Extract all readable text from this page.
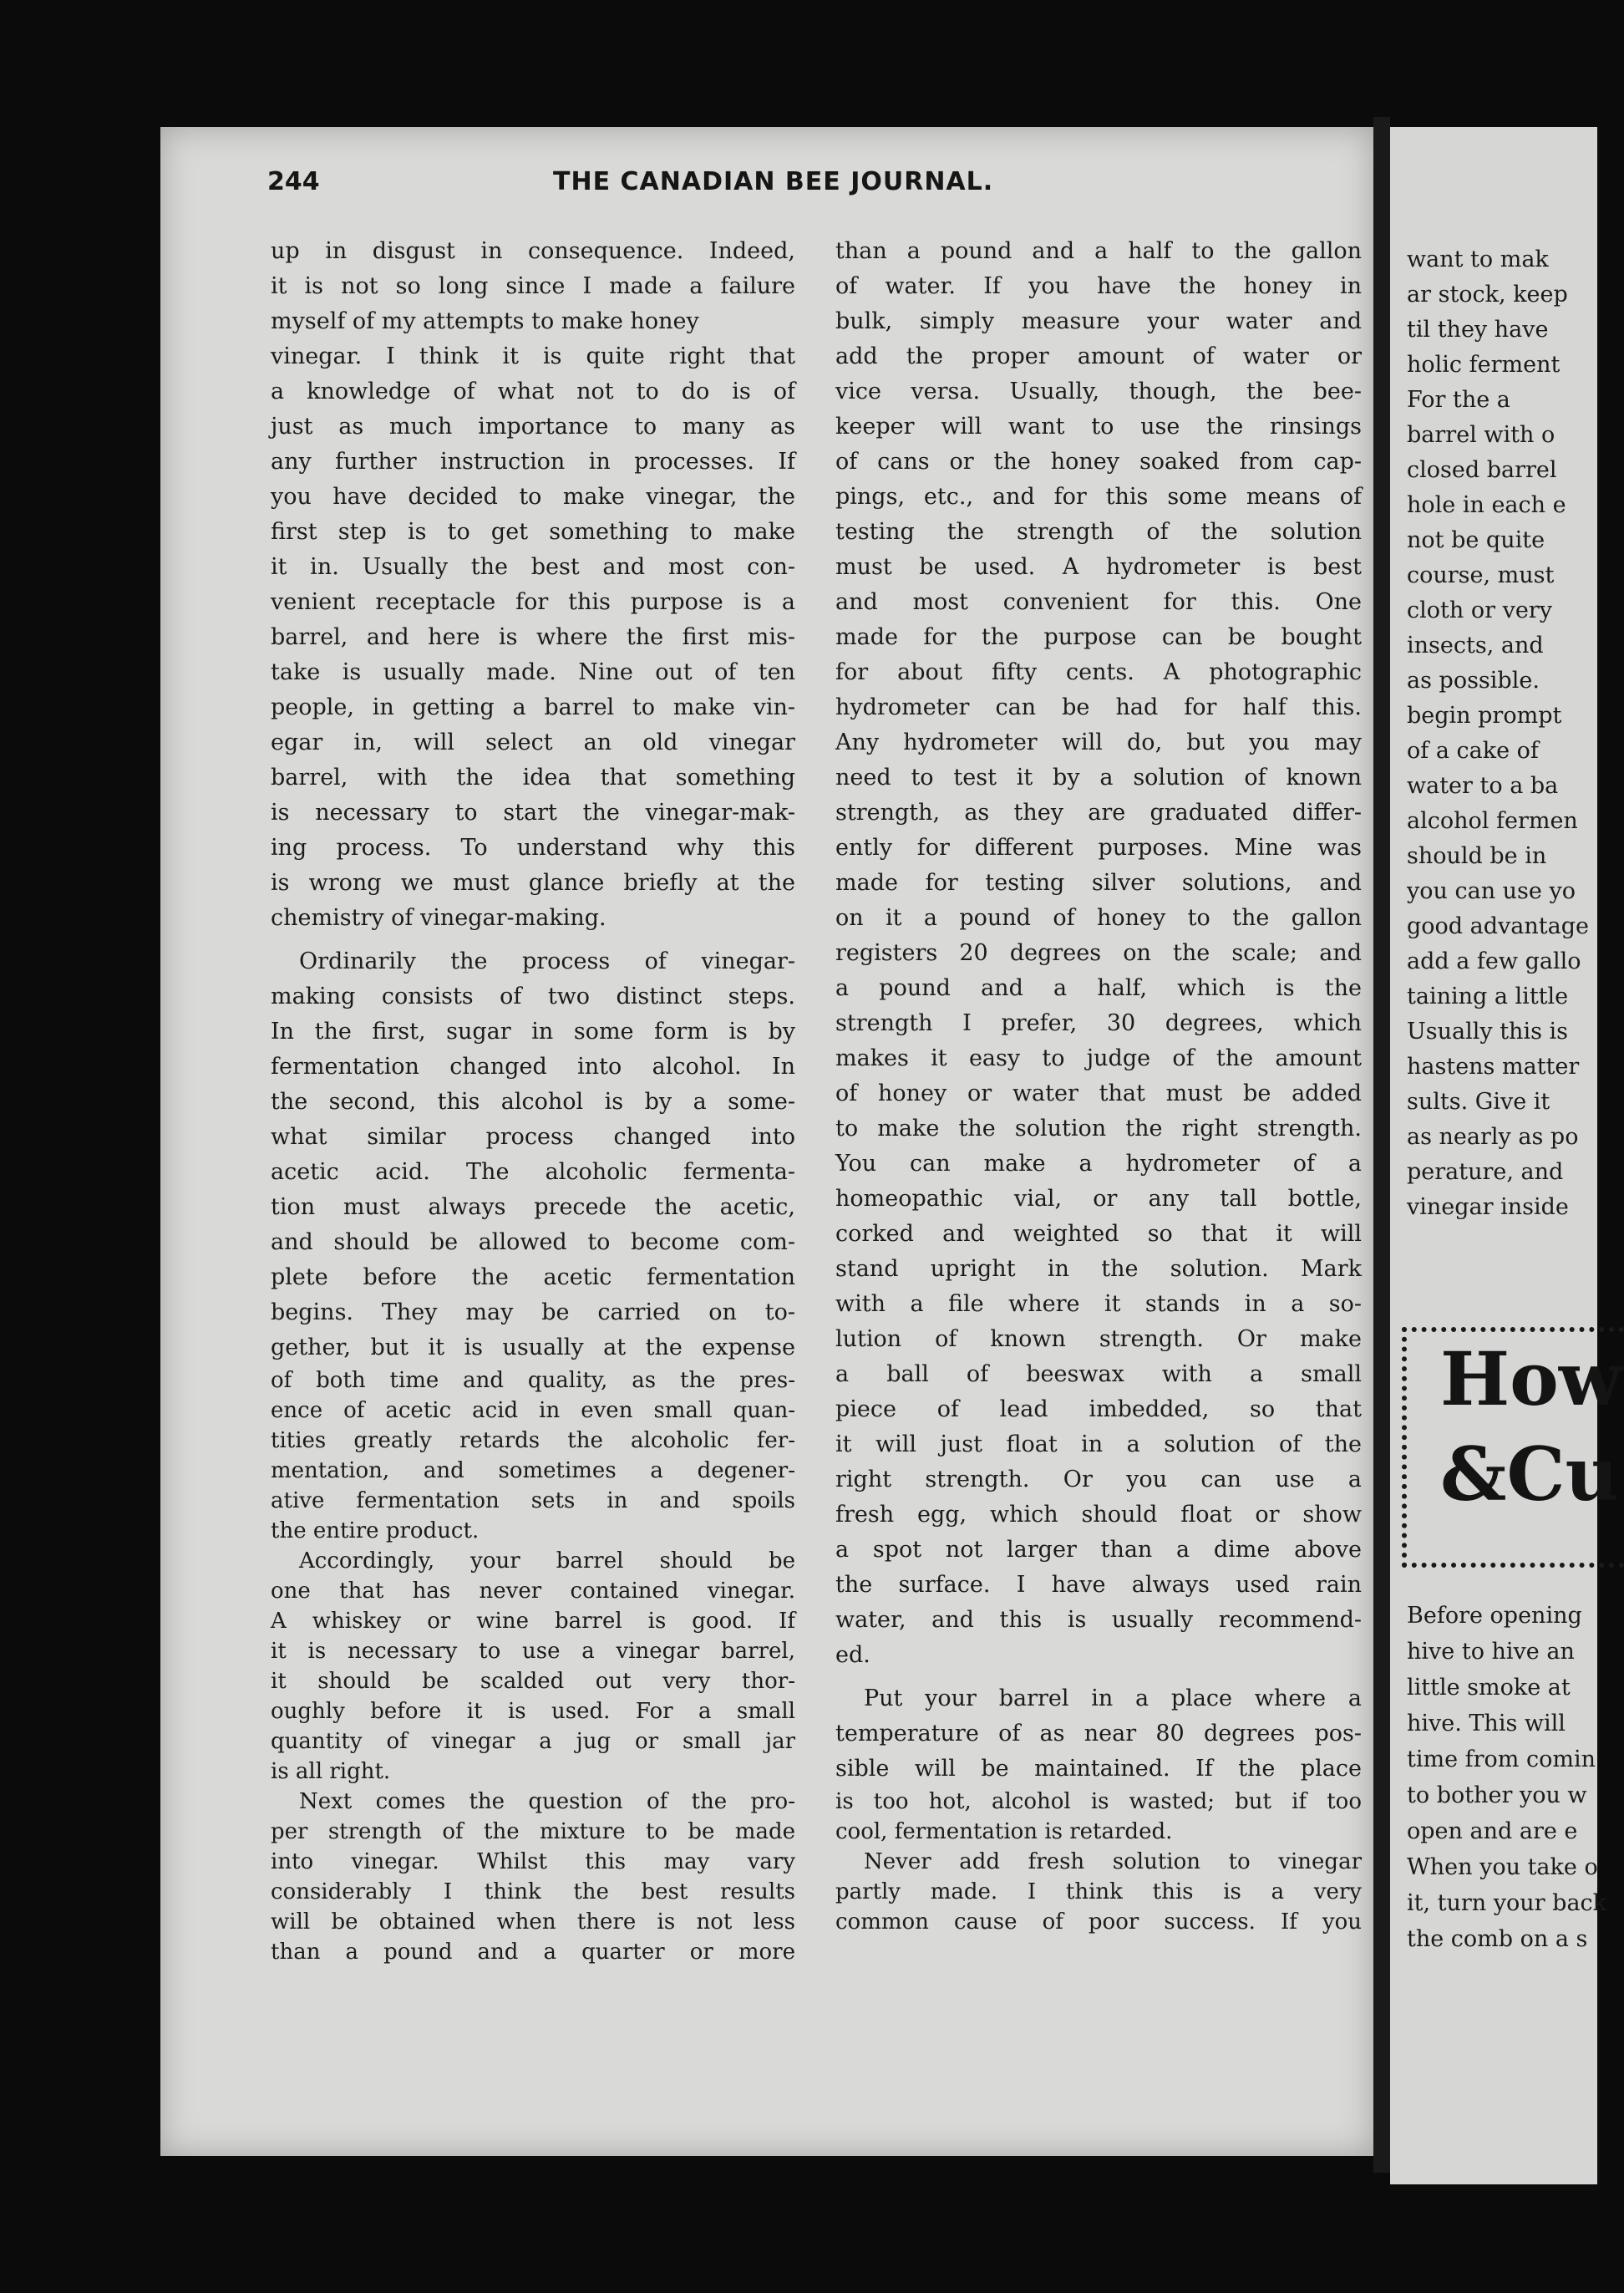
244	THE CANADIAN BEE JOURNAL.
up in disgust in consequence. Indeed,
it is not so long since I made a failure
myself of my attempts to make honey
vinegar. I think it is quite right that
a knowledge of what not to do is of
just as much importance to many as
any further instruction in processes. If
you have decided to make vinegar, the
first step is to get something to make
it in. Usually the best and most con-
venient receptacle for this purpose is a
barrel, and here is where the first mis-
take is usually made. Nine out of ten
people, in getting a barrel to make vin-
egar in, will select an old vinegar
barrel, with the idea that something
is necessary to start the vinegar-mak-
ing process. To understand why this
is wrong we must glance briefly at the
chemistry of vinegar-making.
Ordinarily the process of vinegar-
making consists of two distinct steps.
In the first, sugar in some form is by
fermentation changed into alcohol. In
the second, this alcohol is by a some-
what similar process changed into
acetic acid. The alcoholic fermenta-
tion must always precede the acetic,
and should be allowed to become com-
plete before the acetic fermentation
begins. They may be carried on to-
gether, but it is usually at the expense
of both time and quality, as the pres-
ence of acetic acid in even small quan-
tities greatly retards the alcoholic fer-
mentation, and sometimes a degener-
ative fermentation sets in and spoils
the entire product.
Accordingly, your barrel should be
one that has never contained vinegar.
A whiskey or wine barrel is good. If
it is necessary to use a vinegar barrel,
it should be scalded out very thor-
oughly before it is used. For a small
quantity of vinegar a jug or small jar
is all right.
Next comes the question of the pro-
per strength of the mixture to be made
into vinegar. Whilst this may vary
considerably I think the best results
will be obtained when there is not less
than a pound and a quarter or more
than a pound and a half to the gallon
of water. If you have the honey in
bulk, simply measure your water and
add the proper amount of water or
vice versa. Usually, though, the bee-
keeper will want to use the rinsings
of cans or the honey soaked from cap-
pings, etc., and for this some means of
testing the strength of the solution
must be used. A hydrometer is best
and most convenient for this. One
made for the purpose can be bought
for about fifty cents. A photographic
hydrometer can be had for half this.
Any hydrometer will do, but you may
need to test it by a solution of known
strength, as they are graduated differ-
ently for different purposes. Mine was
made for testing silver solutions, and
on it a pound of honey to the gallon
registers 20 degrees on the scale; and
a pound and a half, which is the
strength I prefer, 30 degrees, which
makes it easy to judge of the amount
of honey or water that must be added
to make the solution the right strength.
You can make a hydrometer of a
homeopathic vial, or any tall bottle,
corked and weighted so that it will
stand upright in the solution. Mark
with a file where it stands in a so-
lution of known strength. Or make
a ball of beeswax with a small
piece of lead imbedded, so that
it will just float in a solution of the
right strength. Or you can use a
fresh egg, which should float or show
a spot not larger than a dime above
the surface. I have always used rain
water, and this is usually recommend-
ed.
Put your barrel in a place where a
temperature of as near 80 degrees pos-
sible will be maintained. If the place
is too hot, alcohol is wasted; but if too
cool, fermentation is retarded.
Never add fresh solution to vinegar
partly made. I think this is a very
common cause of poor success. If you
want to mak
ar stock, keep
til they have
holic ferment
For the a
barrel with o
closed barrel
hole in each e
not be quite
course, must
cloth or very
insects, and
as possible.
begin prompt
of a cake of
water to a ba
alcohol fermen
should be in
you can use yo
good advantage
add a few gallo
taining a little
Usually this is
hastens matter
sults. Give it
as nearly as po
perature, and
vinegar inside
How
&Cu
Before opening
hive to hive an
little smoke at
hive. This will
time from comin
to bother you w
open and are e
When you take o
it, turn your back
the comb on a s
